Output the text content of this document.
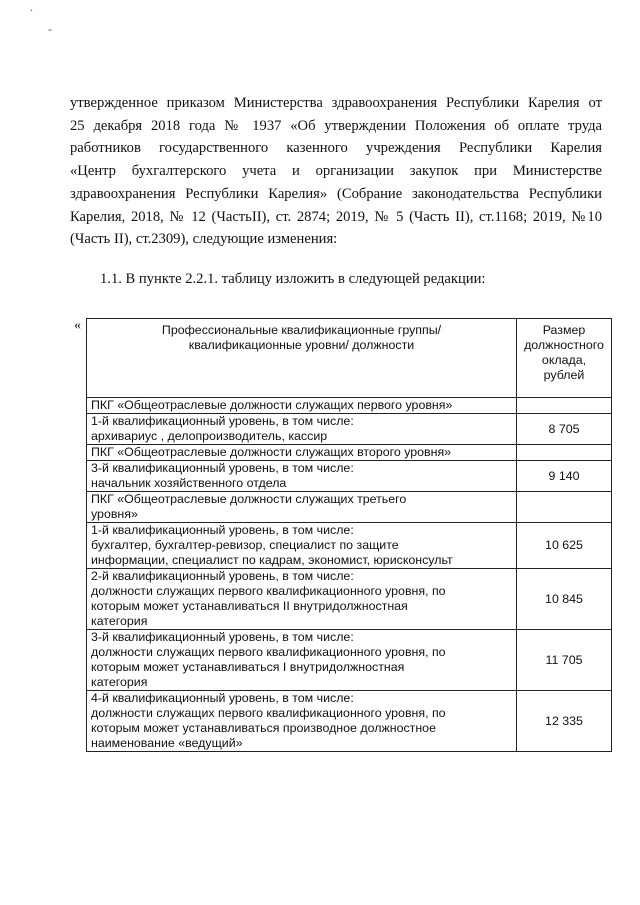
.
-
утвержденное приказом Министерства здравоохранения Республики Карелия от
25 декабря 2018 года № 1937 «Об утверждении Положения об оплате труда
работников государственного казенного учреждения Республики Карелия
«Центр бухгалтерского учета и организации закупок при Министерстве
здравоохранения Республики Карелия» (Собрание законодательства Республики
Карелия, 2018, № 12 (ЧастьII), ст. 2874; 2019, № 5 (Часть II), ст.1168; 2019, №10
(Часть II), ст.2309), следующие изменения:
1.1. В пункте 2.2.1. таблицу изложить в следующей редакции:
«	Профессиональные квалификационные группы/
квалификационные уровни/ должности	Размер
должностного
оклада,
рублей

ПКГ «Общеотраслевые должности служащих первого уровня»	

1-й квалификационный уровень, в том числе:
архивариус , делопроизводитель, кассир	8 705

ПКГ «Общеотраслевые должности служащих второго уровня»	

3-й квалификационный уровень, в том числе:
начальник хозяйственного отдела	9 140

ПКГ «Общеотраслевые должности служащих третьего
уровня»	

1-й квалификационный уровень, в том числе:
бухгалтер, бухгалтер-ревизор, специалист по защите
информации, специалист по кадрам, экономист, юрисконсульт	10 625

2-й квалификационный уровень, в том числе:
должности служащих первого квалификационного уровня, по
которым может устанавливаться II внутридолжностная
категория	10 845

3-й квалификационный уровень, в том числе:
должности служащих первого квалификационного уровня, по
которым может устанавливаться I внутридолжностная
категория	11 705

4-й квалификационный уровень, в том числе:
должности служащих первого квалификационного уровня, по
которым может устанавливаться производное должностное
наименование «ведущий»	12 335
